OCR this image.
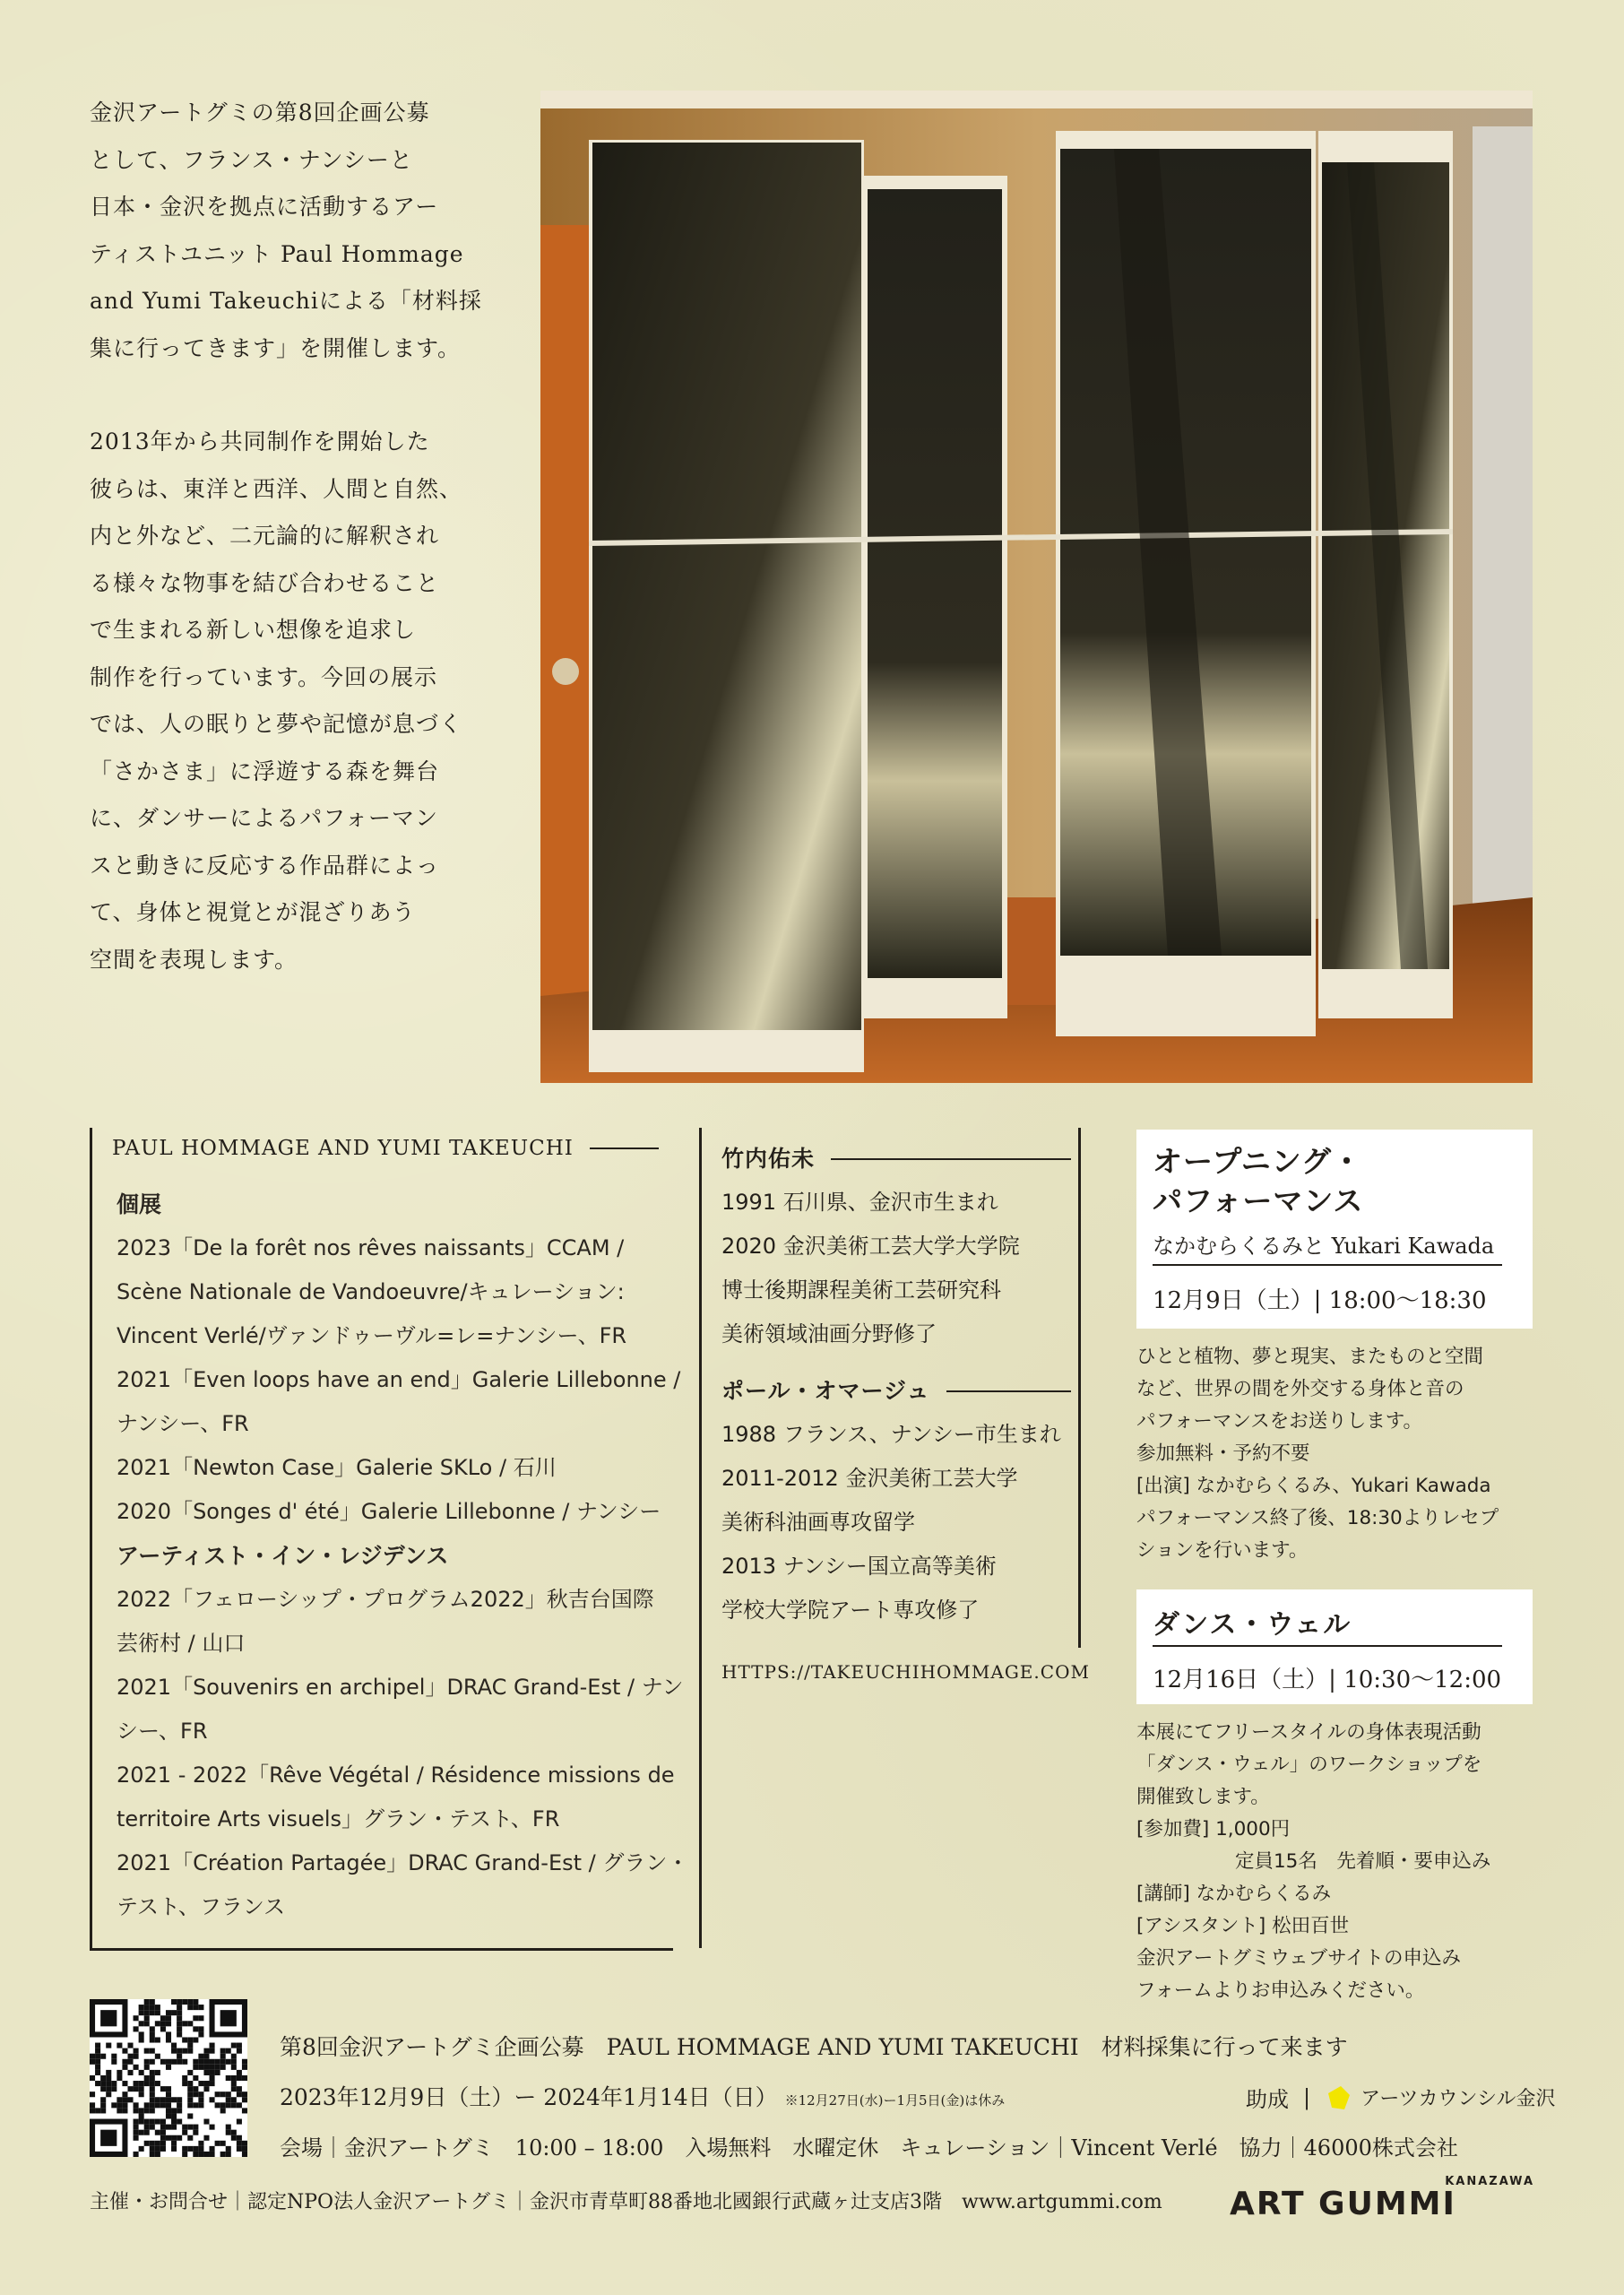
金沢アートグミの第8回企画公募
として、フランス・ナンシーと
日本・金沢を拠点に活動するアー
ティストユニット Paul Hommage
and Yumi Takeuchiによる「材料採
集に行ってきます」を開催します。

2013年から共同制作を開始した
彼らは、東洋と西洋、人間と自然、
内と外など、二元論的に解釈され
る様々な物事を結び合わせること
で生まれる新しい想像を追求し
制作を行っています。今回の展示
では、人の眠りと夢や記憶が息づく
「さかさま」に浮遊する森を舞台
に、ダンサーによるパフォーマン
スと動きに反応する作品群によっ
て、身体と視覚とが混ざりあう
空間を表現します。

PAUL HOMMAGE AND YUMI TAKEUCHI
個展
2023「De la forêt nos rêves naissants」CCAM /
Scène Nationale de Vandoeuvre/キュレーション:
Vincent Verlé/ヴァンドゥーヴル=レ=ナンシー、FR
2021「Even loops have an end」Galerie Lillebonne /
ナンシー、FR
2021「Newton Case」Galerie SKLo / 石川
2020「Songes d' été」Galerie Lillebonne / ナンシー
アーティスト・イン・レジデンス
2022「フェローシップ・プログラム2022」秋吉台国際
芸術村 / 山口
2021「Souvenirs en archipel」DRAC Grand-Est / ナン
シー、FR
2021 - 2022「Rêve Végétal / Résidence missions de
territoire Arts visuels」グラン・テスト、FR
2021「Création Partagée」DRAC Grand-Est / グラン・
テスト、フランス
竹内佑未
1991 石川県、金沢市生まれ
2020 金沢美術工芸大学大学院
博士後期課程美術工芸研究科
美術領域油画分野修了
ポール・オマージュ
1988 フランス、ナンシー市生まれ
2011-2012 金沢美術工芸大学
美術科油画専攻留学
2013 ナンシー国立高等美術
学校大学院アート専攻修了
HTTPS://TAKEUCHIHOMMAGE.COM
オープニング・
パフォーマンス
なかむらくるみと Yukari Kawada
12月9日（土）| 18:00〜18:30
ひとと植物、夢と現実、またものと空間
など、世界の間を外交する身体と音の
パフォーマンスをお送りします。
参加無料・予約不要
[出演] なかむらくるみ、Yukari Kawada
パフォーマンス終了後、18:30よりレセプ
ションを行います。
ダンス・ウェル
12月16日（土）| 10:30〜12:00
本展にてフリースタイルの身体表現活動
「ダンス・ウェル」のワークショップを
開催致します。
[参加費] 1,000円
定員15名　先着順・要申込み
[講師] なかむらくるみ
[アシスタント] 松田百世
金沢アートグミウェブサイトの申込み
フォームよりお申込みください。
第8回金沢アートグミ企画公募　PAUL HOMMAGE AND YUMI TAKEUCHI　材料採集に行って来ます
2023年12月9日（土）ー 2024年1月14日（日） ※12月27日(水)ー1月5日(金)は休み
会場｜金沢アートグミ　10:00 – 18:00　入場無料　水曜定休　キュレーション｜Vincent Verlé　協力｜46000株式会社
助成 |	アーツカウンシル金沢
主催・お問合せ｜認定NPO法人金沢アートグミ｜金沢市青草町88番地北國銀行武蔵ヶ辻支店3階　www.artgummi.com
KANAZAWA
ART GUMMI
